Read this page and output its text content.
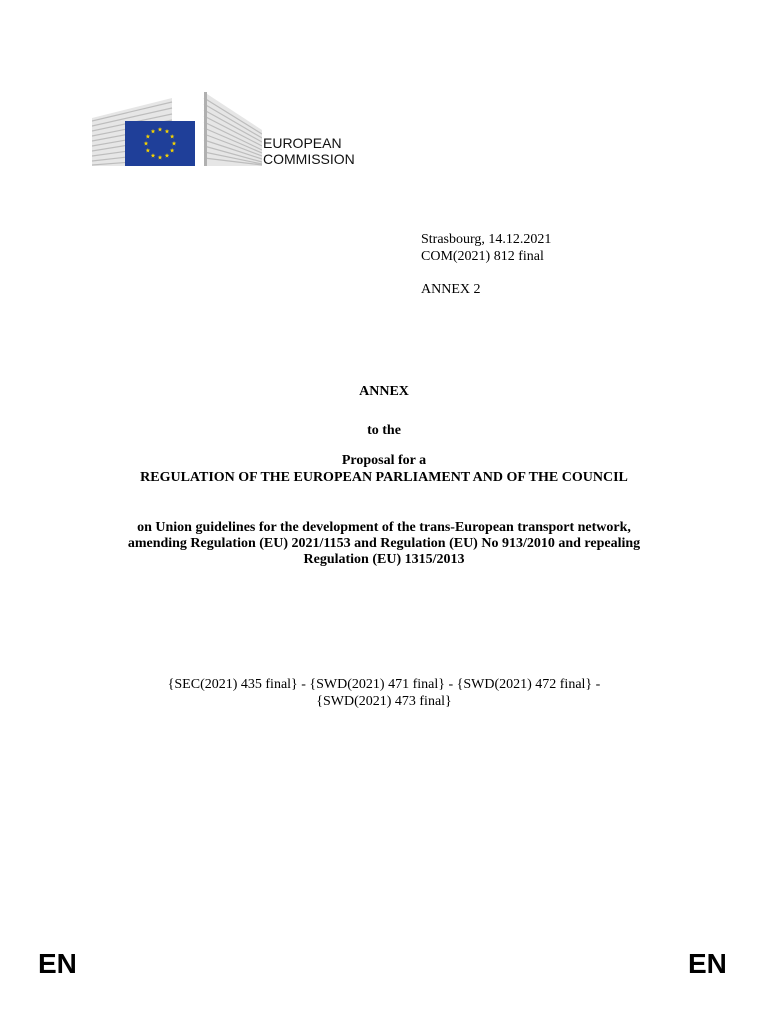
EUROPEAN
COMMISSION
Strasbourg, 14.12.2021
COM(2021) 812 final
ANNEX 2
ANNEX
to the
Proposal for a
REGULATION OF THE EUROPEAN PARLIAMENT AND OF THE COUNCIL
on Union guidelines for the development of the trans-European transport network,
amending Regulation (EU) 2021/1153 and Regulation (EU) No 913/2010 and repealing
Regulation (EU) 1315/2013
{SEC(2021) 435 final} - {SWD(2021) 471 final} - {SWD(2021) 472 final} -
{SWD(2021) 473 final}
EN	EN
